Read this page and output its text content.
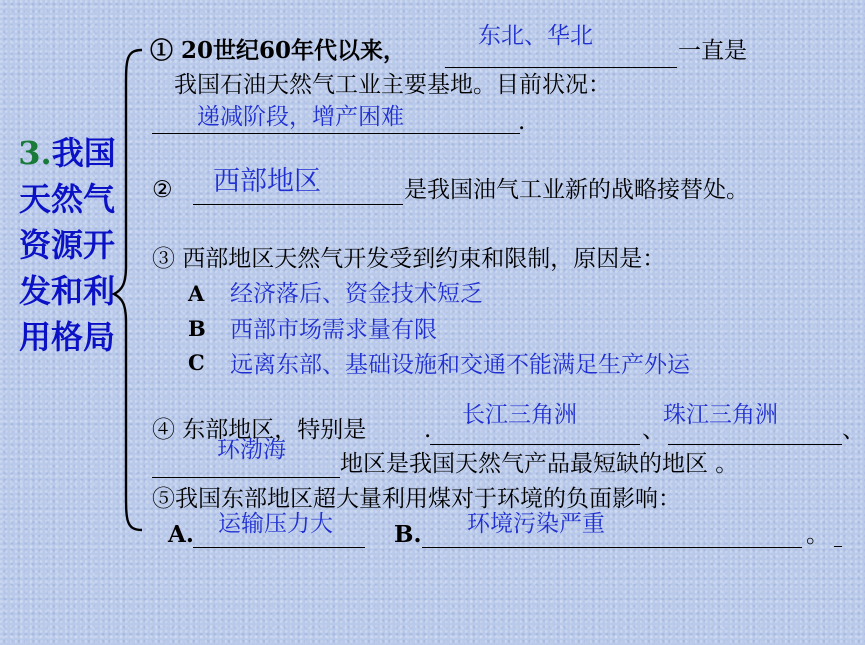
3.我国天然气资源开发和利用格局
① 20世纪60年代以来，
东北、华北
一直是
我国石油天然气工业主要基地。目前状况：
递减阶段，增产困难	.
② 西部地区	是我国油气工业新的战略接替处。
③ 西部地区天然气开发受到约束和限制，原因是：
A 经济落后、资金技术短乏
B 西部市场需求量有限
C 远离东部、基础设施和交通不能满足生产外运
④ 东部地区，特别是	.
长江三角洲
、
珠江三角洲
、
环渤海
地区是我国天然气产品最短缺的地区 。
⑤我国东部地区超大量利用煤对于环境的负面影响：
A. 运输压力大	B. 环境污染严重	。
